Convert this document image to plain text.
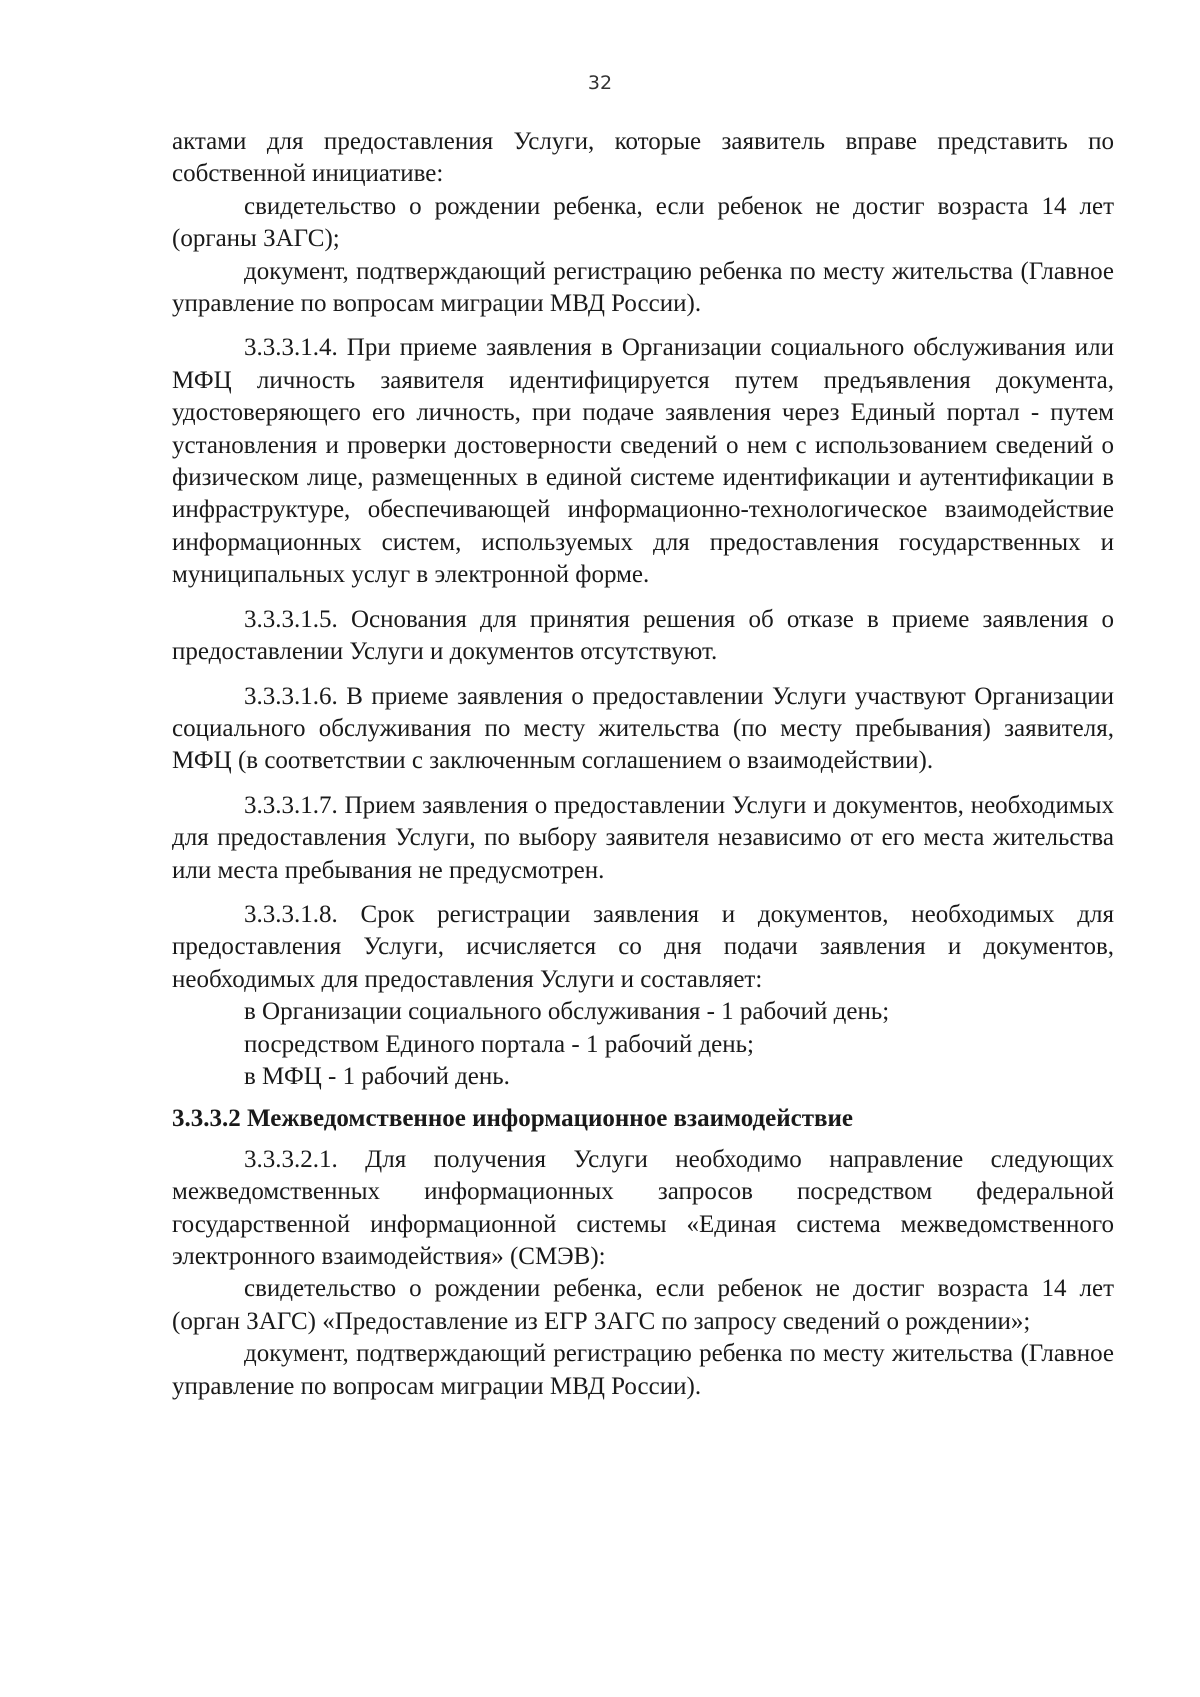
32

актами для предоставления Услуги, которые заявитель вправе представить по собственной инициативе:

свидетельство о рождении ребенка, если ребенок не достиг возраста 14 лет (органы ЗАГС);

документ, подтверждающий регистрацию ребенка по месту жительства (Главное управление по вопросам миграции МВД России).

3.3.3.1.4. При приеме заявления в Организации социального обслуживания или МФЦ личность заявителя идентифицируется путем предъявления документа, удостоверяющего его личность, при подаче заявления через Единый портал - путем установления и проверки достоверности сведений о нем с использованием сведений о физическом лице, размещенных в единой системе идентификации и аутентификации в инфраструктуре, обеспечивающей информационно-технологическое взаимодействие информационных систем, используемых для предоставления государственных и муниципальных услуг в электронной форме.

3.3.3.1.5. Основания для принятия решения об отказе в приеме заявления о предоставлении Услуги и документов отсутствуют.

3.3.3.1.6. В приеме заявления о предоставлении Услуги участвуют Организации социального обслуживания по месту жительства (по месту пребывания) заявителя, МФЦ (в соответствии с заключенным соглашением о взаимодействии).

3.3.3.1.7. Прием заявления о предоставлении Услуги и документов, необходимых для предоставления Услуги, по выбору заявителя независимо от его места жительства или места пребывания не предусмотрен.

3.3.3.1.8. Срок регистрации заявления и документов, необходимых для предоставления Услуги, исчисляется со дня подачи заявления и документов, необходимых для предоставления Услуги и составляет:

в Организации социального обслуживания - 1 рабочий день;

посредством Единого портала - 1 рабочий день;

в МФЦ - 1 рабочий день.

3.3.3.2 Межведомственное информационное взаимодействие

3.3.3.2.1. Для получения Услуги необходимо направление следующих межведомственных информационных запросов посредством федеральной государственной информационной системы «Единая система межведомственного электронного взаимодействия» (СМЭВ):

свидетельство о рождении ребенка, если ребенок не достиг возраста 14 лет (орган ЗАГС) «Предоставление из ЕГР ЗАГС по запросу сведений о рождении»;

документ, подтверждающий регистрацию ребенка по месту жительства (Главное управление по вопросам миграции МВД России).
